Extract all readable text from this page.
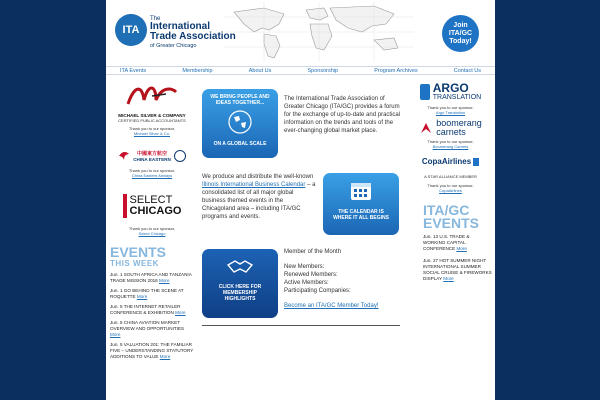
ITA
The
International
Trade Association
of Greater Chicago
Join
ITA/GC
Today!
ITA Events	Membership	About Us	Sponsorship	Program Archives	Contact Us
MICHAEL SILVER & COMPANY
CERTIFIED PUBLIC ACCOUNTANTS
Thank you to our sponsor,
Michael Silver & Co.
中國東方航空
CHINA EASTERN
Thank you to our sponsor,
China Eastern Airways
SELECT
CHICAGO
Thank you to our sponsor,
Select Chicago
EVENTS
THIS WEEK
Jun. 1 SOUTH AFRICA AND TANZANIA TRADE MISSION 2016 More
Jun. 1 GO BEHIND THE SCENE AT ROQUETTE More
Jun. 5 THE INTERNET RETAILER CONFERENCE & EXHIBITION More
Jun. 5 CHINA AVIATION MARKET OVERVIEW AND OPPORTUNITIES More
Jun. 5 VALUATION 201: THE FAMILIAR FIVE – UNDERSTANDING STATUTORY ADDITIONS TO VALUE More
WE BRING PEOPLE AND IDEAS TOGETHER...
ON A GLOBAL SCALE
The International Trade Association of Greater Chicago (ITA/GC) provides a forum for the exchange of up-to-date and practical information on the trends and tools of the ever-changing global market place.
We produce and distribute the well-known Illinois International Business Calendar – a consolidated list of all major global business themed events in the Chicagoland area – including ITA/GC programs and events.
THE CALENDAR IS WHERE IT ALL BEGINS
CLICK HERE FOR MEMBERSHIP HIGHLIGHTS
Member of the Month
New Members:
Renewed Members:
Active Members:
Participating Companies:
Become an ITA/GC Member Today!
ARGO
TRANSLATION
Thank you to our sponsor,
Argo Translation
boomerang
carnets
Thank you to our sponsor,
Boomerang Carnets
CopaAirlines
A STAR ALLIANCE MEMBER
Thank you to our sponsor,
CopaAirlines
ITA/GC
EVENTS
Jun. 13 U.S. TRADE & WORKING CAPITAL CONFERENCE More
Jun. 27 HOT SUMMER NIGHT INTERNATIONAL SUMMER SOCIAL CRUISE & FIREWORKS DISPLAY More
